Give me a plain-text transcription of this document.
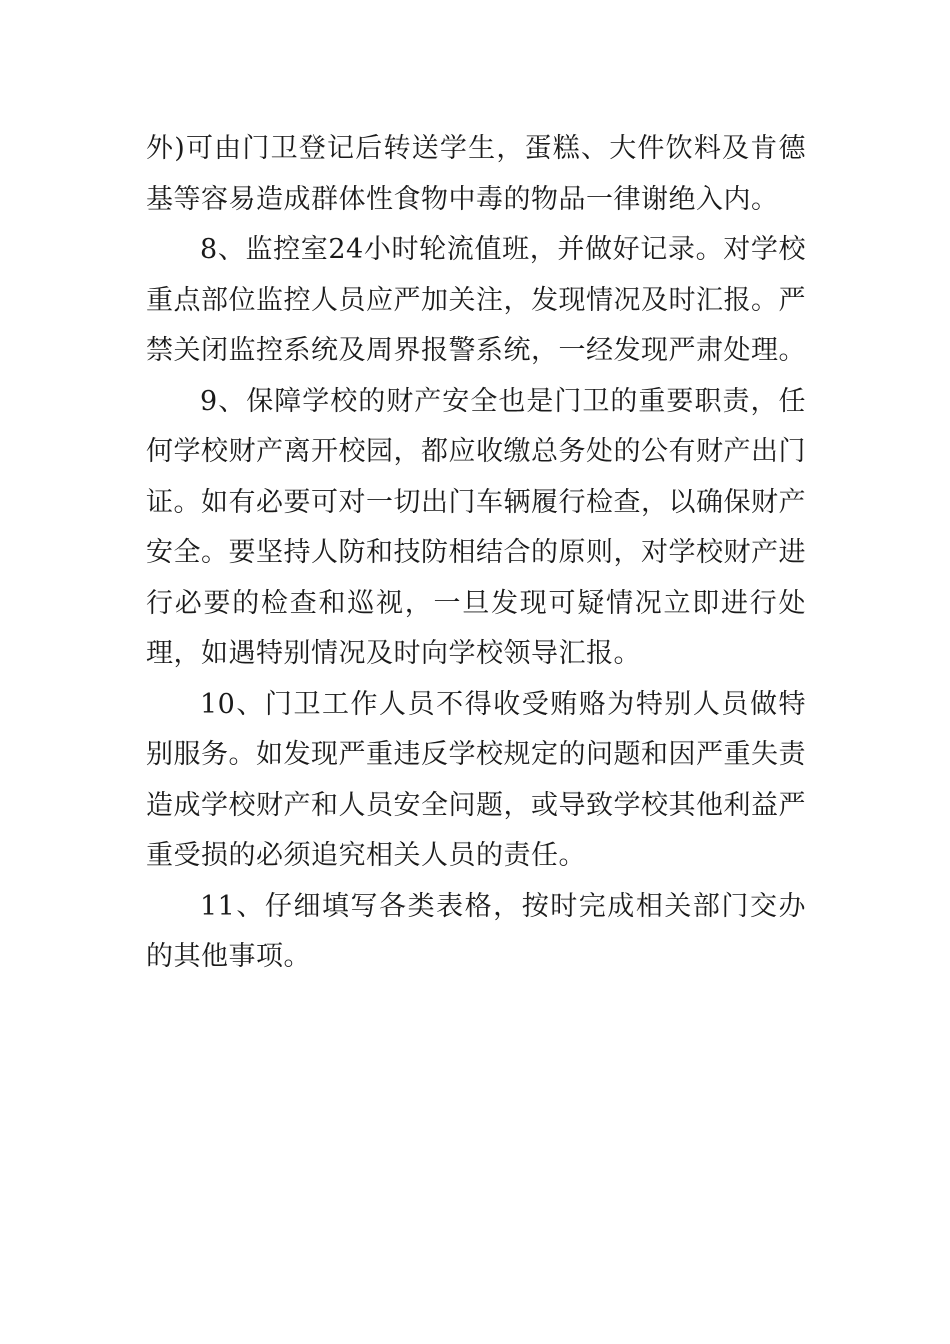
外)可由门卫登记后转送学生，蛋糕、大件饮料及肯德基等容易造成群体性食物中毒的物品一律谢绝入内。

8、监控室24小时轮流值班，并做好记录。对学校重点部位监控人员应严加关注，发现情况及时汇报。严禁关闭监控系统及周界报警系统，一经发现严肃处理。

9、保障学校的财产安全也是门卫的重要职责，任何学校财产离开校园，都应收缴总务处的公有财产出门证。如有必要可对一切出门车辆履行检查，以确保财产安全。要坚持人防和技防相结合的原则，对学校财产进行必要的检查和巡视，一旦发现可疑情况立即进行处理，如遇特别情况及时向学校领导汇报。

10、门卫工作人员不得收受贿赂为特别人员做特别服务。如发现严重违反学校规定的问题和因严重失责造成学校财产和人员安全问题，或导致学校其他利益严重受损的必须追究相关人员的责任。

11、仔细填写各类表格，按时完成相关部门交办的其他事项。
